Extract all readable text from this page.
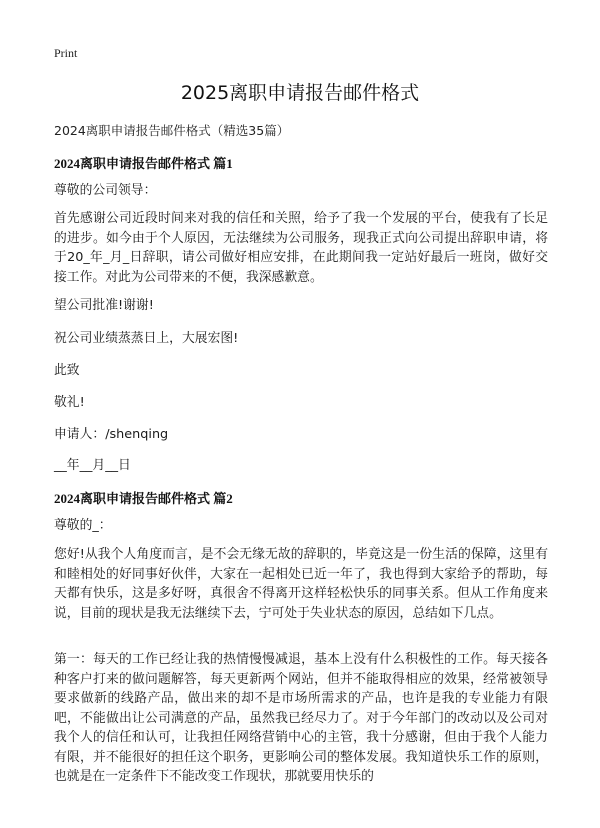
Print
2025离职申请报告邮件格式
2024离职申请报告邮件格式（精选35篇）
2024离职申请报告邮件格式 篇1
尊敬的公司领导：

首先感谢公司近段时间来对我的信任和关照，给予了我一个发展的平台，使我有了长足的进步。如今由于个人原因，无法继续为公司服务，现我正式向公司提出辞职申请，将于20_年_月_日辞职，请公司做好相应安排，在此期间我一定站好最后一班岗，做好交接工作。对此为公司带来的不便，我深感歉意。

望公司批准!谢谢!
祝公司业绩蒸蒸日上，大展宏图!
此致
敬礼!
申请人：/shenqing
__年__月__日
2024离职申请报告邮件格式 篇2
尊敬的_：

您好!从我个人角度而言，是不会无缘无故的辞职的，毕竟这是一份生活的保障，这里有和睦相处的好同事好伙伴，大家在一起相处已近一年了，我也得到大家给予的帮助，每天都有快乐，这是多好呀，真很舍不得离开这样轻松快乐的同事关系。但从工作角度来说，目前的现状是我无法继续下去，宁可处于失业状态的原因，总结如下几点。

第一：每天的工作已经让我的热情慢慢减退，基本上没有什么积极性的工作。每天接各种客户打来的做问题解答，每天更新两个网站，但并不能取得相应的效果，经常被领导要求做新的线路产品，做出来的却不是市场所需求的产品，也许是我的专业能力有限吧，不能做出让公司满意的产品，虽然我已经尽力了。对于今年部门的改动以及公司对我个人的信任和认可，让我担任网络营销中心的主管，我十分感谢，但由于我个人能力有限，并不能很好的担任这个职务，更影响公司的整体发展。我知道快乐工作的原则，也就是在一定条件下不能改变工作现状，那就要用快乐的
